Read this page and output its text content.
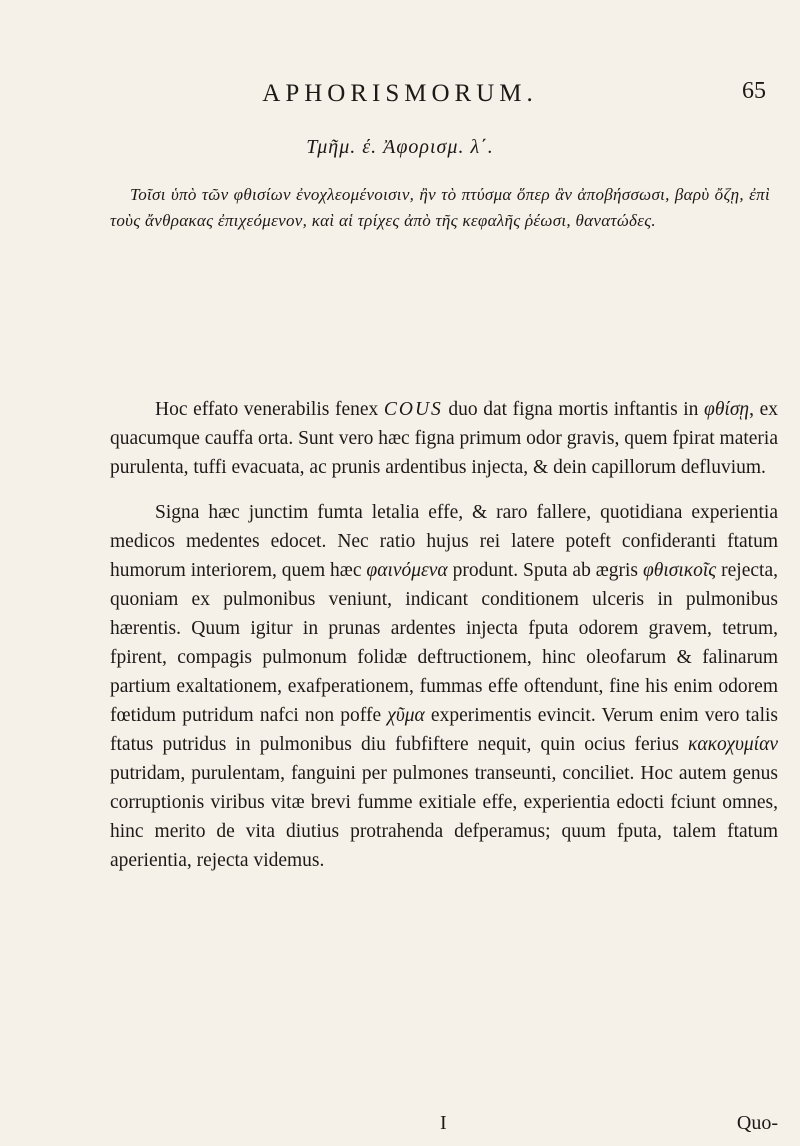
APHORISMORUM.	65
Τμῆμ. έ. Ἀφορισμ. λ΄.
Τοῖσι ὑπὸ τῶν φθισίων ἐνοχλεομένοισιν, ἢν τὸ πτύσμα ὅπερ ἂν ἀποβήσσωσι, βαρὺ ὄζῃ, ἐπὶ τοὺς ἄνθρακας ἐπιχεόμενον, καὶ αἱ τρίχες ἀπὸ τῆς κεφαλῆς ῥέωσι, θανατώδες.

Hoc effato venerabilis fenex COUS duo dat figna mortis inftantis in φθίσῃ, ex quacumque cauffa orta. Sunt vero hæc figna primum odor gravis, quem fpirat materia purulenta, tuffi evacuata, ac prunis ardentibus injecta, & dein capillorum defluvium.

Signa hæc junctim fumta letalia effe, & raro fallere, quotidiana experientia medicos medentes edocet. Nec ratio hujus rei latere poteft confideranti ftatum humorum interiorem, quem hæc φαινόμενα produnt. Sputa ab ægris φθισικοῖς rejecta, quoniam ex pulmonibus veniunt, indicant conditionem ulceris in pulmonibus hærentis. Quum igitur in prunas ardentes injecta fputa odorem gravem, tetrum, fpirent, compagis pulmonum folidæ deftructionem, hinc oleofarum & falinarum partium exaltationem, exafperationem, fummas effe oftendunt, fine his enim odorem fœtidum putridum nafci non poffe χῦμα experimentis evincit. Verum enim vero talis ftatus putridus in pulmonibus diu fubfiftere nequit, quin ocius ferius κακοχυμίαν putridam, purulentam, fanguini per pulmones transeunti, conciliet. Hoc autem genus corruptionis viribus vitæ brevi fumme exitiale effe, experientia edocti fciunt omnes, hinc merito de vita diutius protrahenda defperamus; quum fputa, talem ftatum aperientia, rejecta videmus.

I	Quo-
